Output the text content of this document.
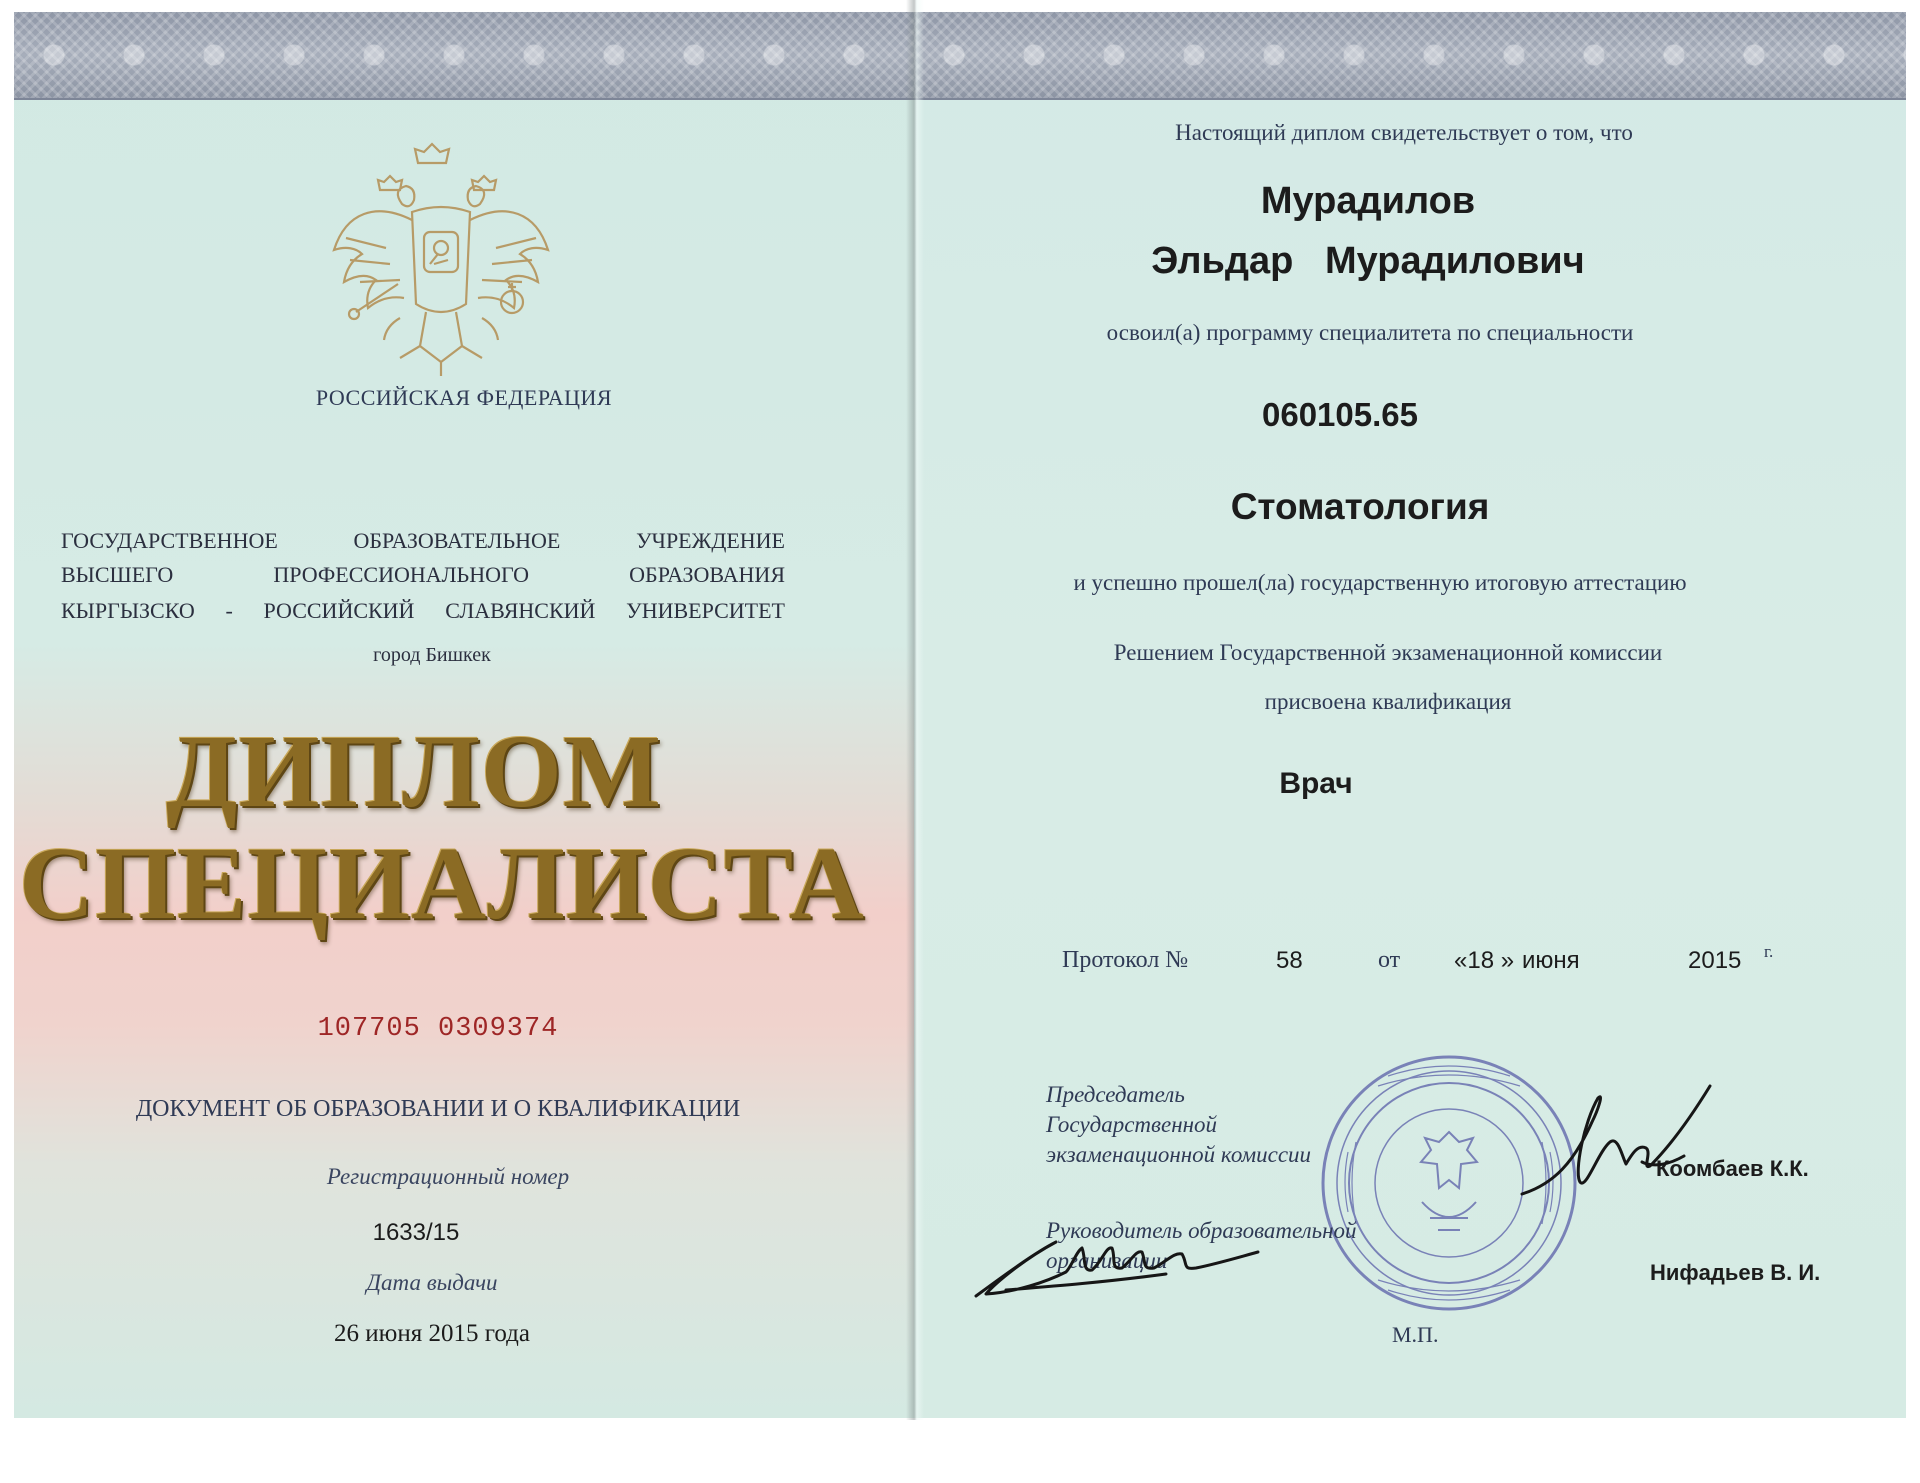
РОССИЙСКАЯ ФЕДЕРАЦИЯ
ГОСУДАРСТВЕННОЕ ОБРАЗОВАТЕЛЬНОЕ УЧРЕЖДЕНИЕ
ВЫСШЕГО ПРОФЕССИОНАЛЬНОГО ОБРАЗОВАНИЯ
КЫРГЫЗСКО - РОССИЙСКИЙ СЛАВЯНСКИЙ УНИВЕРСИТЕТ
город Бишкек
ДИПЛОМ
СПЕЦИАЛИСТА
107705 0309374
ДОКУМЕНТ ОБ ОБРАЗОВАНИИ И О КВАЛИФИКАЦИИ
Регистрационный номер
1633/15
Дата выдачи
26 июня 2015 года
Настоящий диплом свидетельствует о том, что
Мурадилов
Эльдар   Мурадилович
освоил(а) программу специалитета по специальности
060105.65
Стоматология
и успешно прошел(ла) государственную итоговую аттестацию
Решением Государственной экзаменационной комиссии
присвоена квалификация
Врач
Протокол №	58	от «18 » июня	2015 г.
Председатель
Государственной
экзаменационной комиссии
Коомбаев К.К.
Руководитель образовательной
организации	Нифадьев В. И.
М.П.
